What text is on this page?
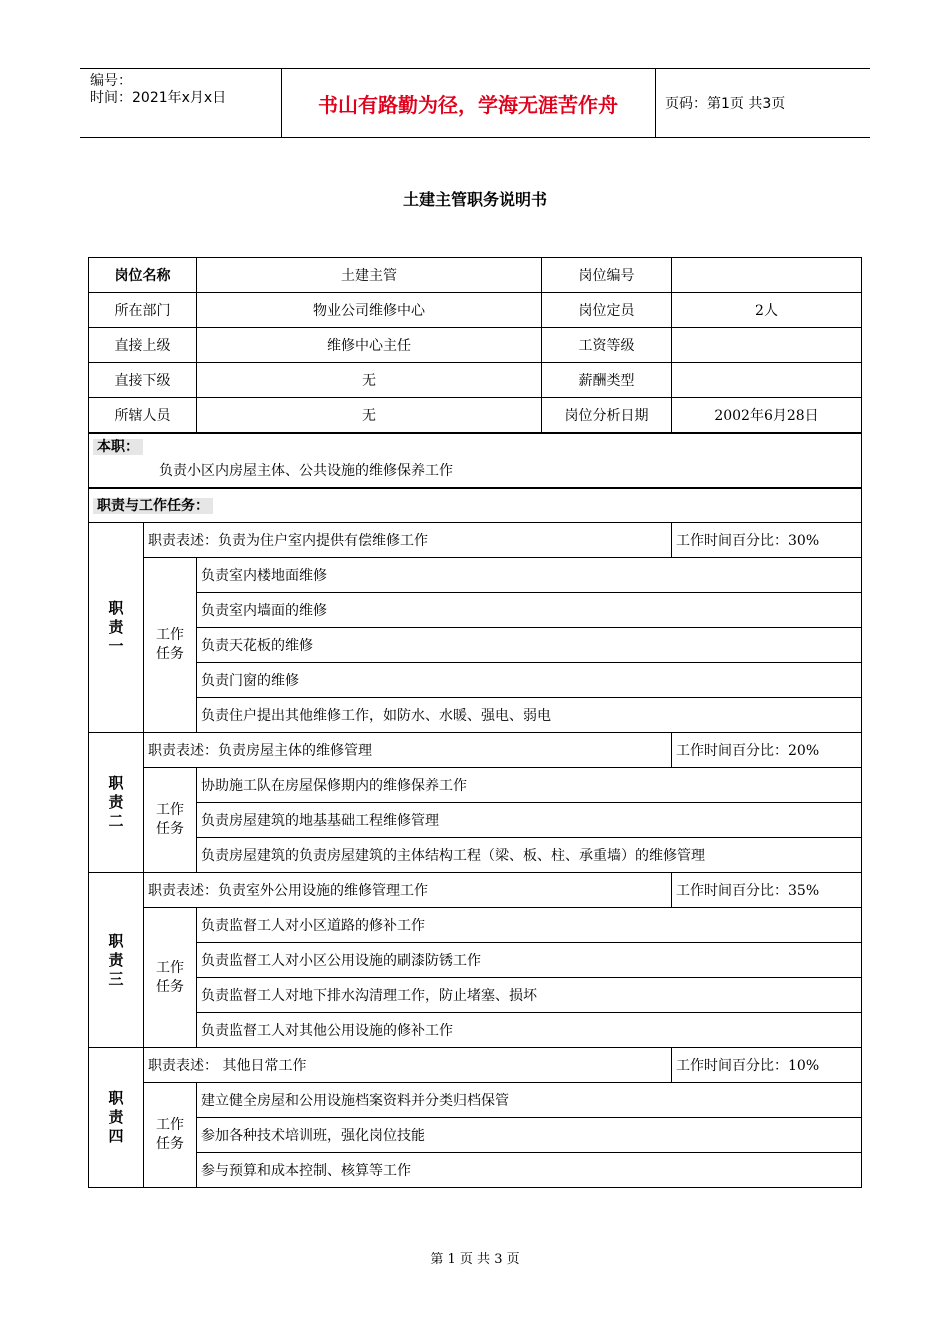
编号：
时间：2021年x月x日	书山有路勤为径，学海无涯苦作舟	页码：第1页 共3页
土建主管职务说明书
岗位名称		土建主管	岗位编号	
所在部门		物业公司维修中心	岗位定员	2人
直接上级		维修中心主任	工资等级	
直接下级		无	薪酬类型	
所辖人员		无	岗位分析日期	2002年6月28日
本职：
负责小区内房屋主体、公共设施的维修保养工作				

职责与工作任务：				
职
责
一	职责表述：负责为住户室内提供有偿维修工作			工作时间百分比：30%
	工作
任务	负责室内楼地面维修		
		负责室内墙面的维修		
		负责天花板的维修		
		负责门窗的维修		
		负责住户提出其他维修工作，如防水、水暖、强电、弱电		
职
责
二	职责表述：负责房屋主体的维修管理			工作时间百分比：20%
	工作
任务	协助施工队在房屋保修期内的维修保养工作		
		负责房屋建筑的地基基础工程维修管理		
		负责房屋建筑的负责房屋建筑的主体结构工程（梁、板、柱、承重墙）的维修管理		
职
责
三	职责表述：负责室外公用设施的维修管理工作			工作时间百分比：35%
	工作
任务	负责监督工人对小区道路的修补工作		
		负责监督工人对小区公用设施的刷漆防锈工作		
		负责监督工人对地下排水沟清理工作，防止堵塞、损坏		
		负责监督工人对其他公用设施的修补工作		
职
责
四	职责表述： 其他日常工作			工作时间百分比：10%
	工作
任务	建立健全房屋和公用设施档案资料并分类归档保管		
		参加各种技术培训班，强化岗位技能		
		参与预算和成本控制、核算等工作		
第 1 页 共 3 页
